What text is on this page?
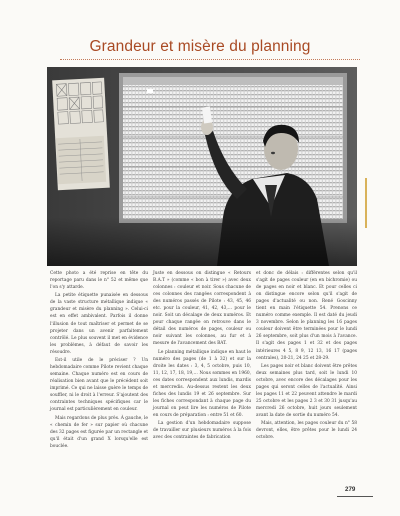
Grandeur et misère du planning

Cette photo a été reprise en tête du reportage paru dans le n° 52 et même que l'on s'y attarde.

La petite étiquette punaisée en dessous de la vaste structure métallique indique « grandeur et misère du planning ». Celui-ci est en effet ambivalent. Parfois il donne l'illusion de tout maîtriser et permet de se projeter dans un avenir parfaitement contrôlé. Le plus souvent il met en évidence les problèmes, à défaut de savoir les résoudre.

Est-il utile de le préciser ? Un hebdomadaire comme Pilote revient chaque semaine. Chaque numéro est en cours de réalisation bien avant que le précédent soit imprimé. Ce qui ne laisse guère le temps de souffler, ni le droit à l'erreur. S'ajoutent des contraintes techniques spécifiques car le journal est particulièrement en couleur.

Mais regardons de plus près. À gauche, le « chemin de fer » sur papier où chacune des 32 pages est figurée par un rectangle et qu'il était d'un grand X lorsqu'elle est bouclée.

Juste en dessous on distingue « Retours B.A.T » (comme « bon à tirer ») avec deux colonnes : couleur et noir. Sous chacune de ces colonnes des rangées correspondent à des numéros passés de Pilote : 43, 45, 46 etc. pour la couleur, 41, 42, 43,… pour le noir. Soit un décalage de deux numéros. Et pour chaque rangée on retrouve dans le détail des numéros de pages, couleur ou noir suivant les colonnes, au fur et à mesure de l'avancement des BAT.

Le planning métallique indique en haut le numéro des pages (de 1 à 32) et sur la droite les dates : 3, 4, 5 octobre, puis 10, 11, 12, 17, 18, 19,… Nous sommes en 1960, ces dates correspondent aux lundis, mardis et mercredis. Au-dessus restent les deux fiches des lundis 19 et 26 septembre. Sur les fiches correspondant à chaque page du journal on peut lire les numéros de Pilote en cours de préparation : entre 51 et 60.

La gestion d'un hebdomadaire suppose de travailler sur plusieurs numéros à la fois avec des contraintes de fabrication

et donc de délais : différentes selon qu'il s'agit de pages couleur (en en bichromie) ou de pages en noir et blanc. Et pour celles ci on distingue encore selon qu'il s'agit de pages d'actualité ou non. René Goscinny tient en main l'étiquette 54. Prenons ce numéro comme exemple. Il est daté du jeudi 3 novembre. Selon le planning les 16 pages couleur doivent être terminées pour le lundi 26 septembre, soit plus d'un mois à l'avance. Il s'agit des pages 1 et 32 et des pages intérieures 4 5, 8 9, 12 13, 16 17 (pages centrales), 20-21, 24 25 et 28-29.

Les pages noir et blanc doivent être prêtes deux semaines plus tard, soit le lundi 10 octobre, avec encore des décalages pour les pages qui seront celles de l'actualité. Ainsi les pages 11 et 22 peuvent attendre le mardi 25 octobre et les pages 2 3 et 30 31 jusqu'au mercredi 26 octobre, huit jours seulement avant la date de sortie du numéro 54.

Mais, attention, les pages couleur du n° 58 devront, elles, être prêtes pour le lundi 24 octobre.

279
